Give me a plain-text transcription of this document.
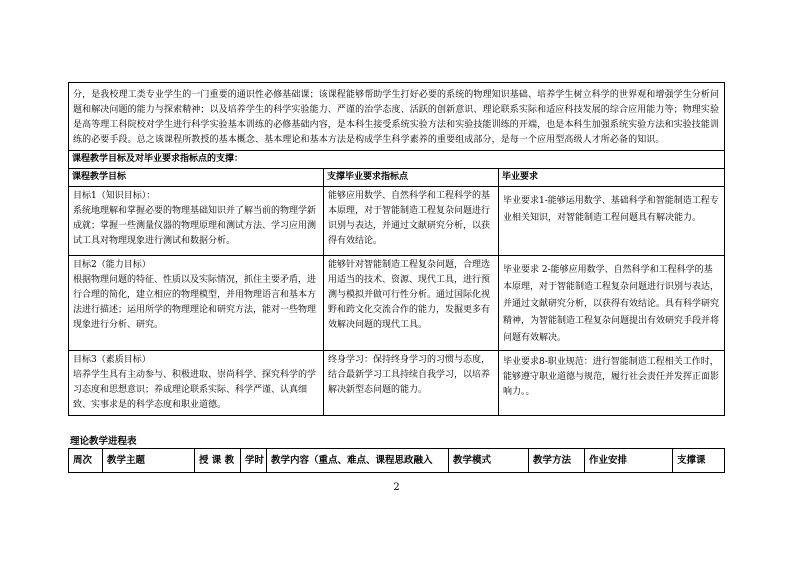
分，是我校理工类专业学生的一门重要的通识性必修基础课；该课程能够帮助学生打好必要的系统的物理知识基础、培养学生树立科学的世界观和增强学生分析问题和解决问题的能力与探索精神；以及培养学生的科学实验能力、严谨的治学态度、活跃的创新意识、理论联系实际和适应科技发展的综合应用能力等；物理实验是高等理工科院校对学生进行科学实验基本训练的必修基础内容，是本科生接受系统实验方法和实验技能训练的开端，也是本科生加强系统实验方法和实验技能训练的必要手段。总之该课程所教授的基本概念、基本理论和基本方法是构成学生科学素养的重要组成部分，是每一个应用型高级人才所必备的知识。		
课程教学目标及对毕业要求指标点的支撑：		
课程教学目标	支撑毕业要求指标点	毕业要求

目标1（知识目标）：
系统地理解和掌握必要的物理基础知识并了解当前的物理学新成就；掌握一些测量仪器的物理原理和测试方法、学习应用测试工具对物理现象进行测试和数据分析。	能够应用数学、自然科学和工程科学的基本原理，对于智能制造工程复杂问题进行识别与表达，并通过文献研究分析，以获得有效结论。	毕业要求1-能够运用数学、基础科学和智能制造工程专业相关知识，对智能制造工程问题具有解决能力。

目标2（能力目标）
根据物理问题的特征、性质以及实际情况，抓住主要矛盾，进行合理的简化，建立相应的物理模型，并用物理语言和基本方法进行描述；运用所学的物理理论和研究方法，能对一些物理现象进行分析、研究。	能够针对智能制造工程复杂问题，合理选用适当的技术、资源、现代工具，进行预测与模拟并做可行性分析。通过国际化视野和跨文化交流合作的能力，发掘更多有效解决问题的现代工具。	毕业要求 2-能够应用数学、自然科学和工程科学的基本原理，对于智能制造工程复杂问题进行识别与表达，并通过文献研究分析，以获得有效结论。具有科学研究精神，为智能制造工程复杂问题提出有效研究手段并将问题有效解决。

目标3（素质目标）
培养学生具有主动参与、积极进取、崇尚科学、探究科学的学习态度和思想意识；养成理论联系实际、科学严谨、认真细致、实事求是的科学态度和职业道德。	终身学习：保持终身学习的习惯与态度，结合最新学习工具持续自我学习，以培养解决新型态问题的能力。	毕业要求8-职业规范：进行智能制造工程相关工作时，能够遵守职业道德与规范，履行社会责任并发挥正面影响力。。
理论教学进程表
周次	教学主题	授 课 教	学时	教学内容（重点、难点、课程思政融入	教学模式	教学方法	作业安排	支撑课
2
